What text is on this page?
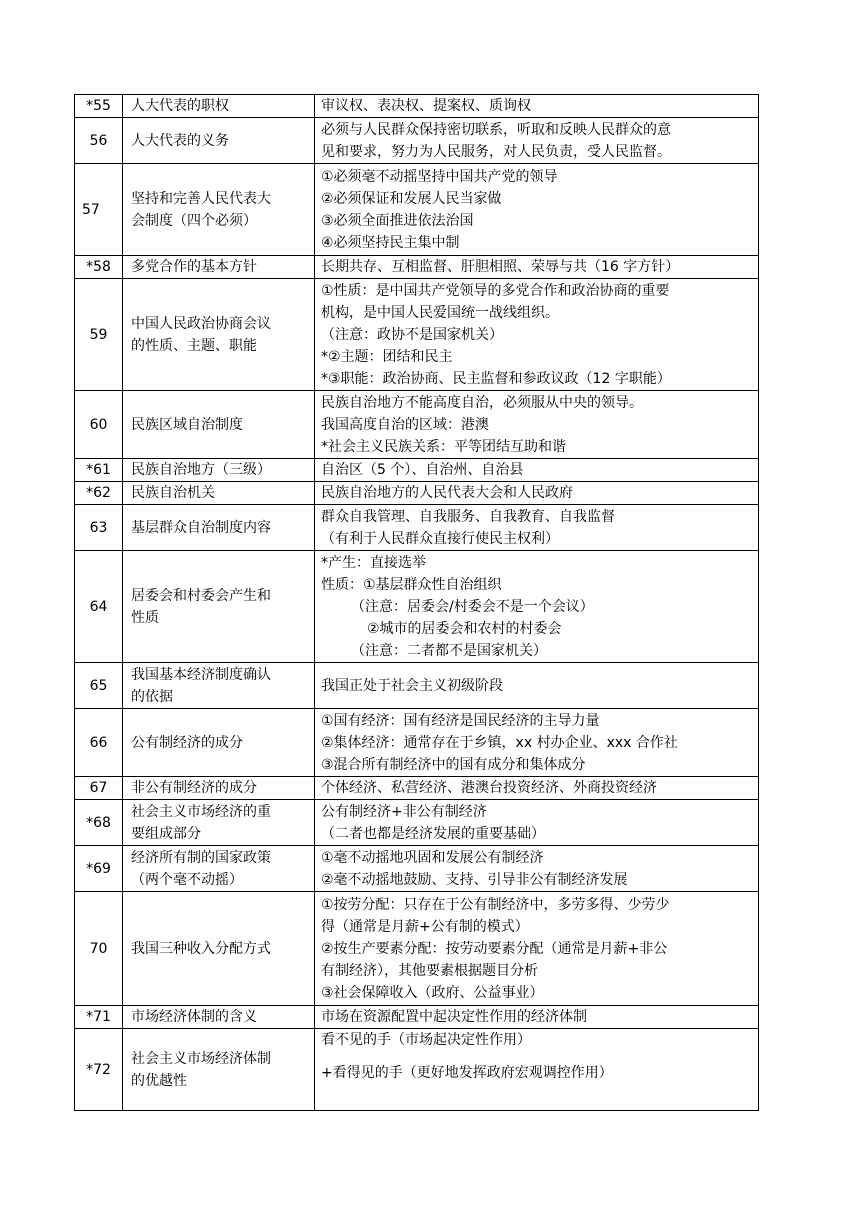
*55	人大代表的职权	审议权、表决权、提案权、质询权

56	人大代表的义务	必须与人民群众保持密切联系，听取和反映人民群众的意
见和要求，努力为人民服务，对人民负责，受人民监督。

57	坚持和完善人民代表大
会制度（四个必须）	①必须毫不动摇坚持中国共产党的领导
②必须保证和发展人民当家做
③必须全面推进依法治国
④必须坚持民主集中制

*58	多党合作的基本方针	长期共存、互相监督、肝胆相照、荣辱与共（16 字方针）

59	中国人民政治协商会议
的性质、主题、职能	①性质：是中国共产党领导的多党合作和政治协商的重要
机构，是中国人民爱国统一战线组织。
（注意：政协不是国家机关）
*②主题：团结和民主
*③职能：政治协商、民主监督和参政议政（12 字职能）

60	民族区域自治制度	民族自治地方不能高度自治，必须服从中央的领导。
我国高度自治的区域：港澳
*社会主义民族关系：平等团结互助和谐

*61	民族自治地方（三级）	自治区（5 个）、自治州、自治县

*62	民族自治机关	民族自治地方的人民代表大会和人民政府

63	基层群众自治制度内容	群众自我管理、自我服务、自我教育、自我监督
（有利于人民群众直接行使民主权利）

64	居委会和村委会产生和
性质	*产生：直接选举
性质：①基层群众性自治组织
（注意：居委会/村委会不是一个会议）
②城市的居委会和农村的村委会
（注意：二者都不是国家机关）

65	我国基本经济制度确认
的依据	我国正处于社会主义初级阶段

66	公有制经济的成分	①国有经济：国有经济是国民经济的主导力量
②集体经济：通常存在于乡镇，xx 村办企业、xxx 合作社
③混合所有制经济中的国有成分和集体成分

67	非公有制经济的成分	个体经济、私营经济、港澳台投资经济、外商投资经济

*68	社会主义市场经济的重
要组成部分	公有制经济+非公有制经济
（二者也都是经济发展的重要基础）

*69	经济所有制的国家政策
（两个毫不动摇）	①毫不动摇地巩固和发展公有制经济
②毫不动摇地鼓励、支持、引导非公有制经济发展

70	我国三种收入分配方式	①按劳分配：只存在于公有制经济中，多劳多得、少劳少
得（通常是月薪+公有制的模式）
②按生产要素分配：按劳动要素分配（通常是月薪+非公
有制经济），其他要素根据题目分析
③社会保障收入（政府、公益事业）

*71	市场经济体制的含义	市场在资源配置中起决定性作用的经济体制

*72	社会主义市场经济体制
的优越性	看不见的手（市场起决定性作用）
+看得见的手（更好地发挥政府宏观调控作用）
